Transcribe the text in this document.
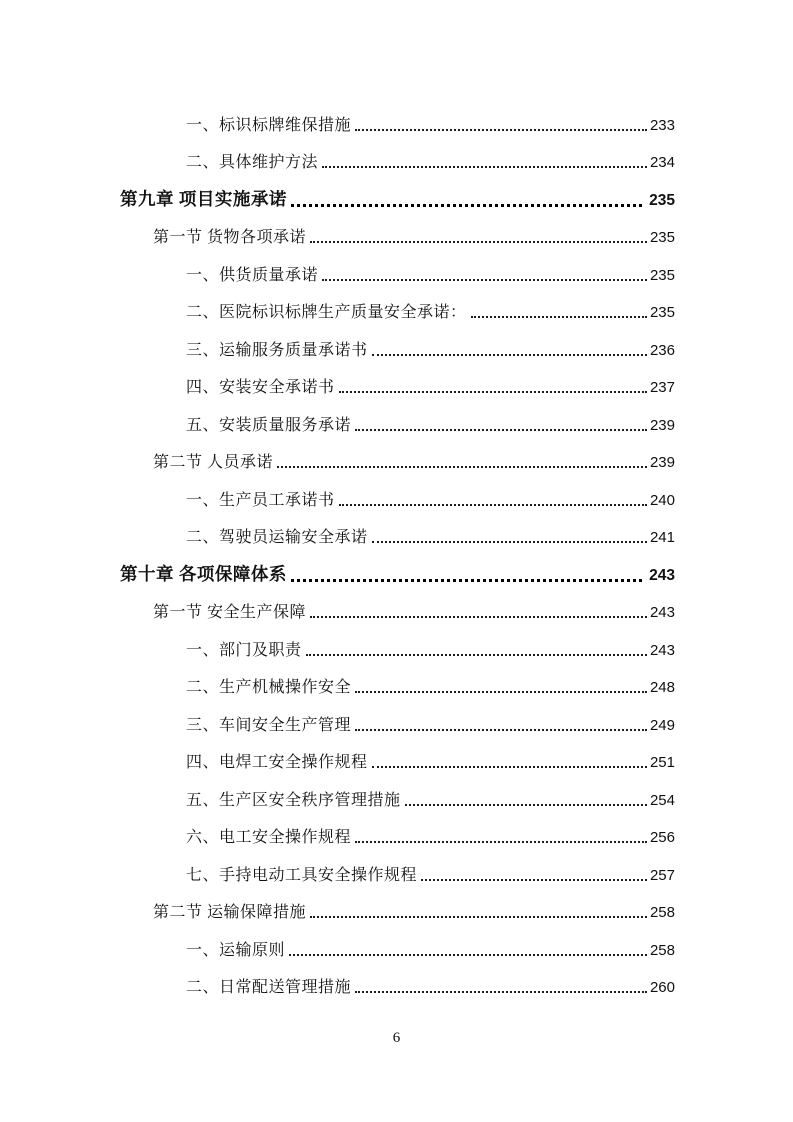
一、标识标牌维保措施	233
二、具体维护方法	234
第九章 项目实施承诺	235
第一节 货物各项承诺	235
一、供货质量承诺	235
二、医院标识标牌生产质量安全承诺：	235
三、运输服务质量承诺书	236
四、安装安全承诺书	237
五、安装质量服务承诺	239
第二节 人员承诺	239
一、生产员工承诺书	240
二、驾驶员运输安全承诺	241
第十章 各项保障体系	243
第一节 安全生产保障	243
一、部门及职责	243
二、生产机械操作安全	248
三、车间安全生产管理	249
四、电焊工安全操作规程	251
五、生产区安全秩序管理措施	254
六、电工安全操作规程	256
七、手持电动工具安全操作规程	257
第二节 运输保障措施	258
一、运输原则	258
二、日常配送管理措施	260
6
